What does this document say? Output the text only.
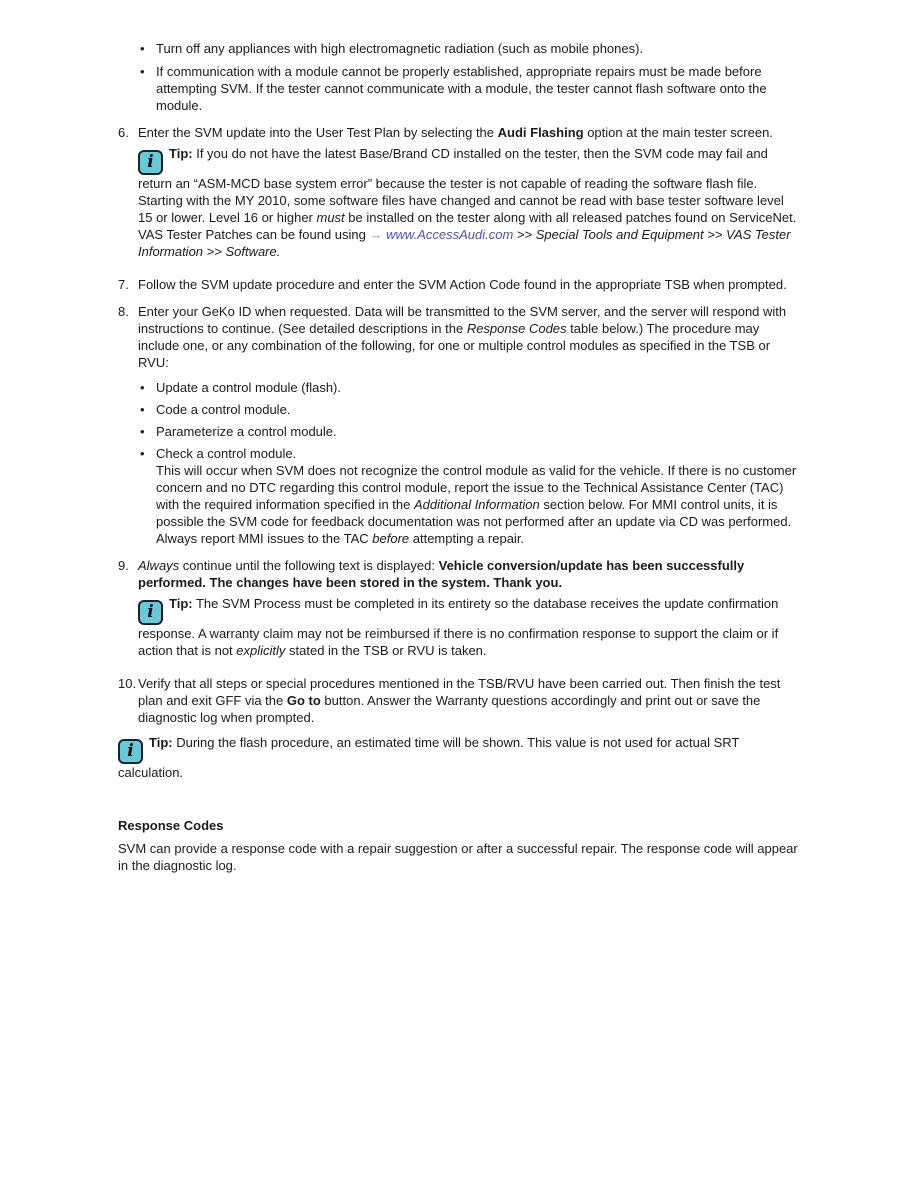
• Turn off any appliances with high electromagnetic radiation (such as mobile phones).
• If communication with a module cannot be properly established, appropriate repairs must be made before attempting SVM. If the tester cannot communicate with a module, the tester cannot flash software onto the module.
6. Enter the SVM update into the User Test Plan by selecting the Audi Flashing option at the main tester screen.
i Tip: If you do not have the latest Base/Brand CD installed on the tester, then the SVM code may fail and return an “ASM-MCD base system error” because the tester is not capable of reading the software flash file. Starting with the MY 2010, some software files have changed and cannot be read with base tester software level 15 or lower. Level 16 or higher must be installed on the tester along with all released patches found on ServiceNet.
VAS Tester Patches can be found using → www.AccessAudi.com >> Special Tools and Equipment >> VAS Tester Information >> Software.
7. Follow the SVM update procedure and enter the SVM Action Code found in the appropriate TSB when prompted.
8. Enter your GeKo ID when requested. Data will be transmitted to the SVM server, and the server will respond with instructions to continue. (See detailed descriptions in the Response Codes table below.) The procedure may include one, or any combination of the following, for one or multiple control modules as specified in the TSB or RVU:
• Update a control module (flash).
• Code a control module.
• Parameterize a control module.
• Check a control module.
This will occur when SVM does not recognize the control module as valid for the vehicle. If there is no customer concern and no DTC regarding this control module, report the issue to the Technical Assistance Center (TAC) with the required information specified in the Additional Information section below. For MMI control units, it is possible the SVM code for feedback documentation was not performed after an update via CD was performed. Always report MMI issues to the TAC before attempting a repair.
9. Always continue until the following text is displayed: Vehicle conversion/update has been successfully performed. The changes have been stored in the system. Thank you.
i Tip: The SVM Process must be completed in its entirety so the database receives the update confirmation response. A warranty claim may not be reimbursed if there is no confirmation response to support the claim or if action that is not explicitly stated in the TSB or RVU is taken.
10. Verify that all steps or special procedures mentioned in the TSB/RVU have been carried out. Then finish the test plan and exit GFF via the Go to button. Answer the Warranty questions accordingly and print out or save the diagnostic log when prompted.
i Tip: During the flash procedure, an estimated time will be shown. This value is not used for actual SRT calculation.
Response Codes
SVM can provide a response code with a repair suggestion or after a successful repair. The response code will appear in the diagnostic log.
